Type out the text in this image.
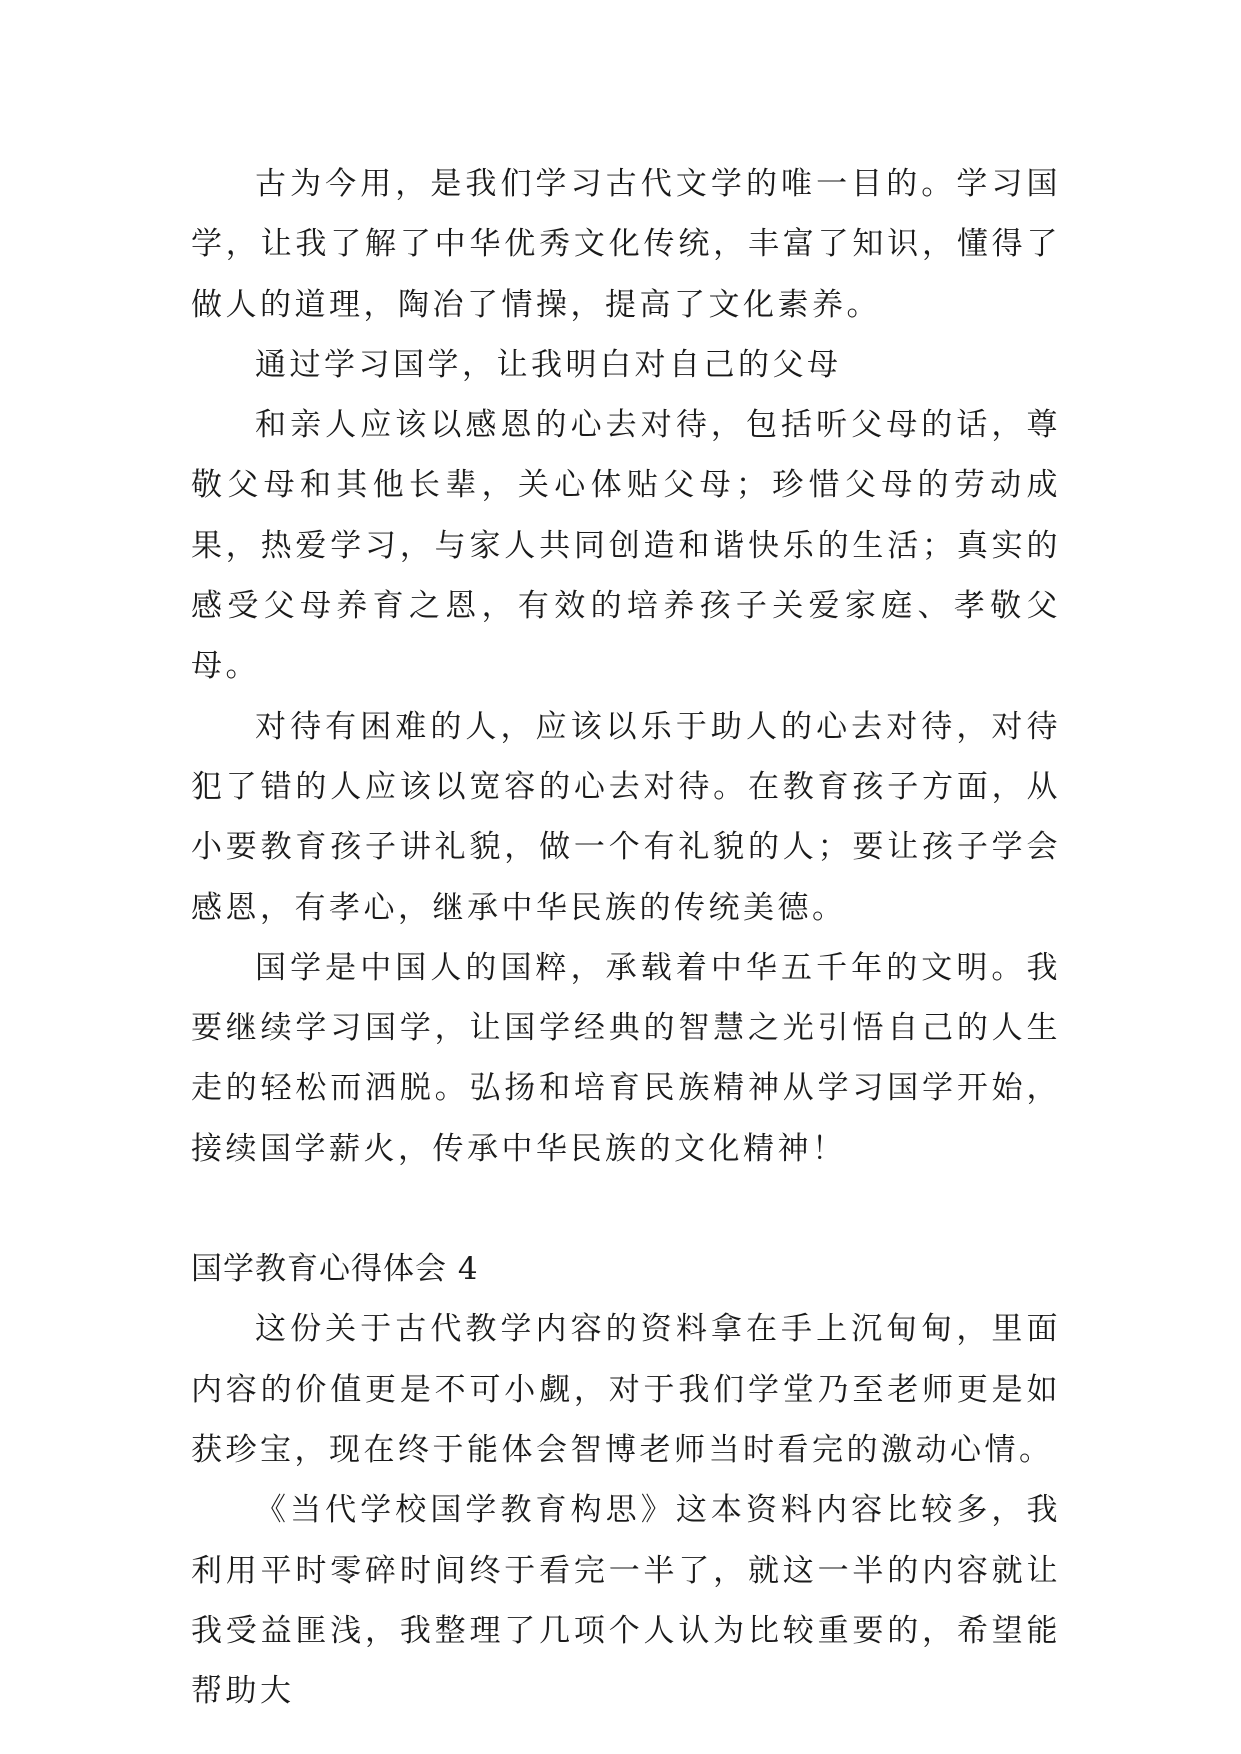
古为今用，是我们学习古代文学的唯一目的。学习国学，让我了解了中华优秀文化传统，丰富了知识，懂得了做人的道理，陶冶了情操，提高了文化素养。

通过学习国学，让我明白对自己的父母

和亲人应该以感恩的心去对待，包括听父母的话，尊敬父母和其他长辈，关心体贴父母；珍惜父母的劳动成果，热爱学习，与家人共同创造和谐快乐的生活；真实的感受父母养育之恩，有效的培养孩子关爱家庭、孝敬父母。

对待有困难的人，应该以乐于助人的心去对待，对待犯了错的人应该以宽容的心去对待。在教育孩子方面，从小要教育孩子讲礼貌，做一个有礼貌的人；要让孩子学会感恩，有孝心，继承中华民族的传统美德。

国学是中国人的国粹，承载着中华五千年的文明。我要继续学习国学，让国学经典的智慧之光引悟自己的人生走的轻松而洒脱。弘扬和培育民族精神从学习国学开始，接续国学薪火，传承中华民族的文化精神！

国学教育心得体会 4

这份关于古代教学内容的资料拿在手上沉甸甸，里面内容的价值更是不可小觑，对于我们学堂乃至老师更是如获珍宝，现在终于能体会智博老师当时看完的激动心情。

《当代学校国学教育构思》这本资料内容比较多，我利用平时零碎时间终于看完一半了，就这一半的内容就让我受益匪浅，我整理了几项个人认为比较重要的，希望能帮助大
